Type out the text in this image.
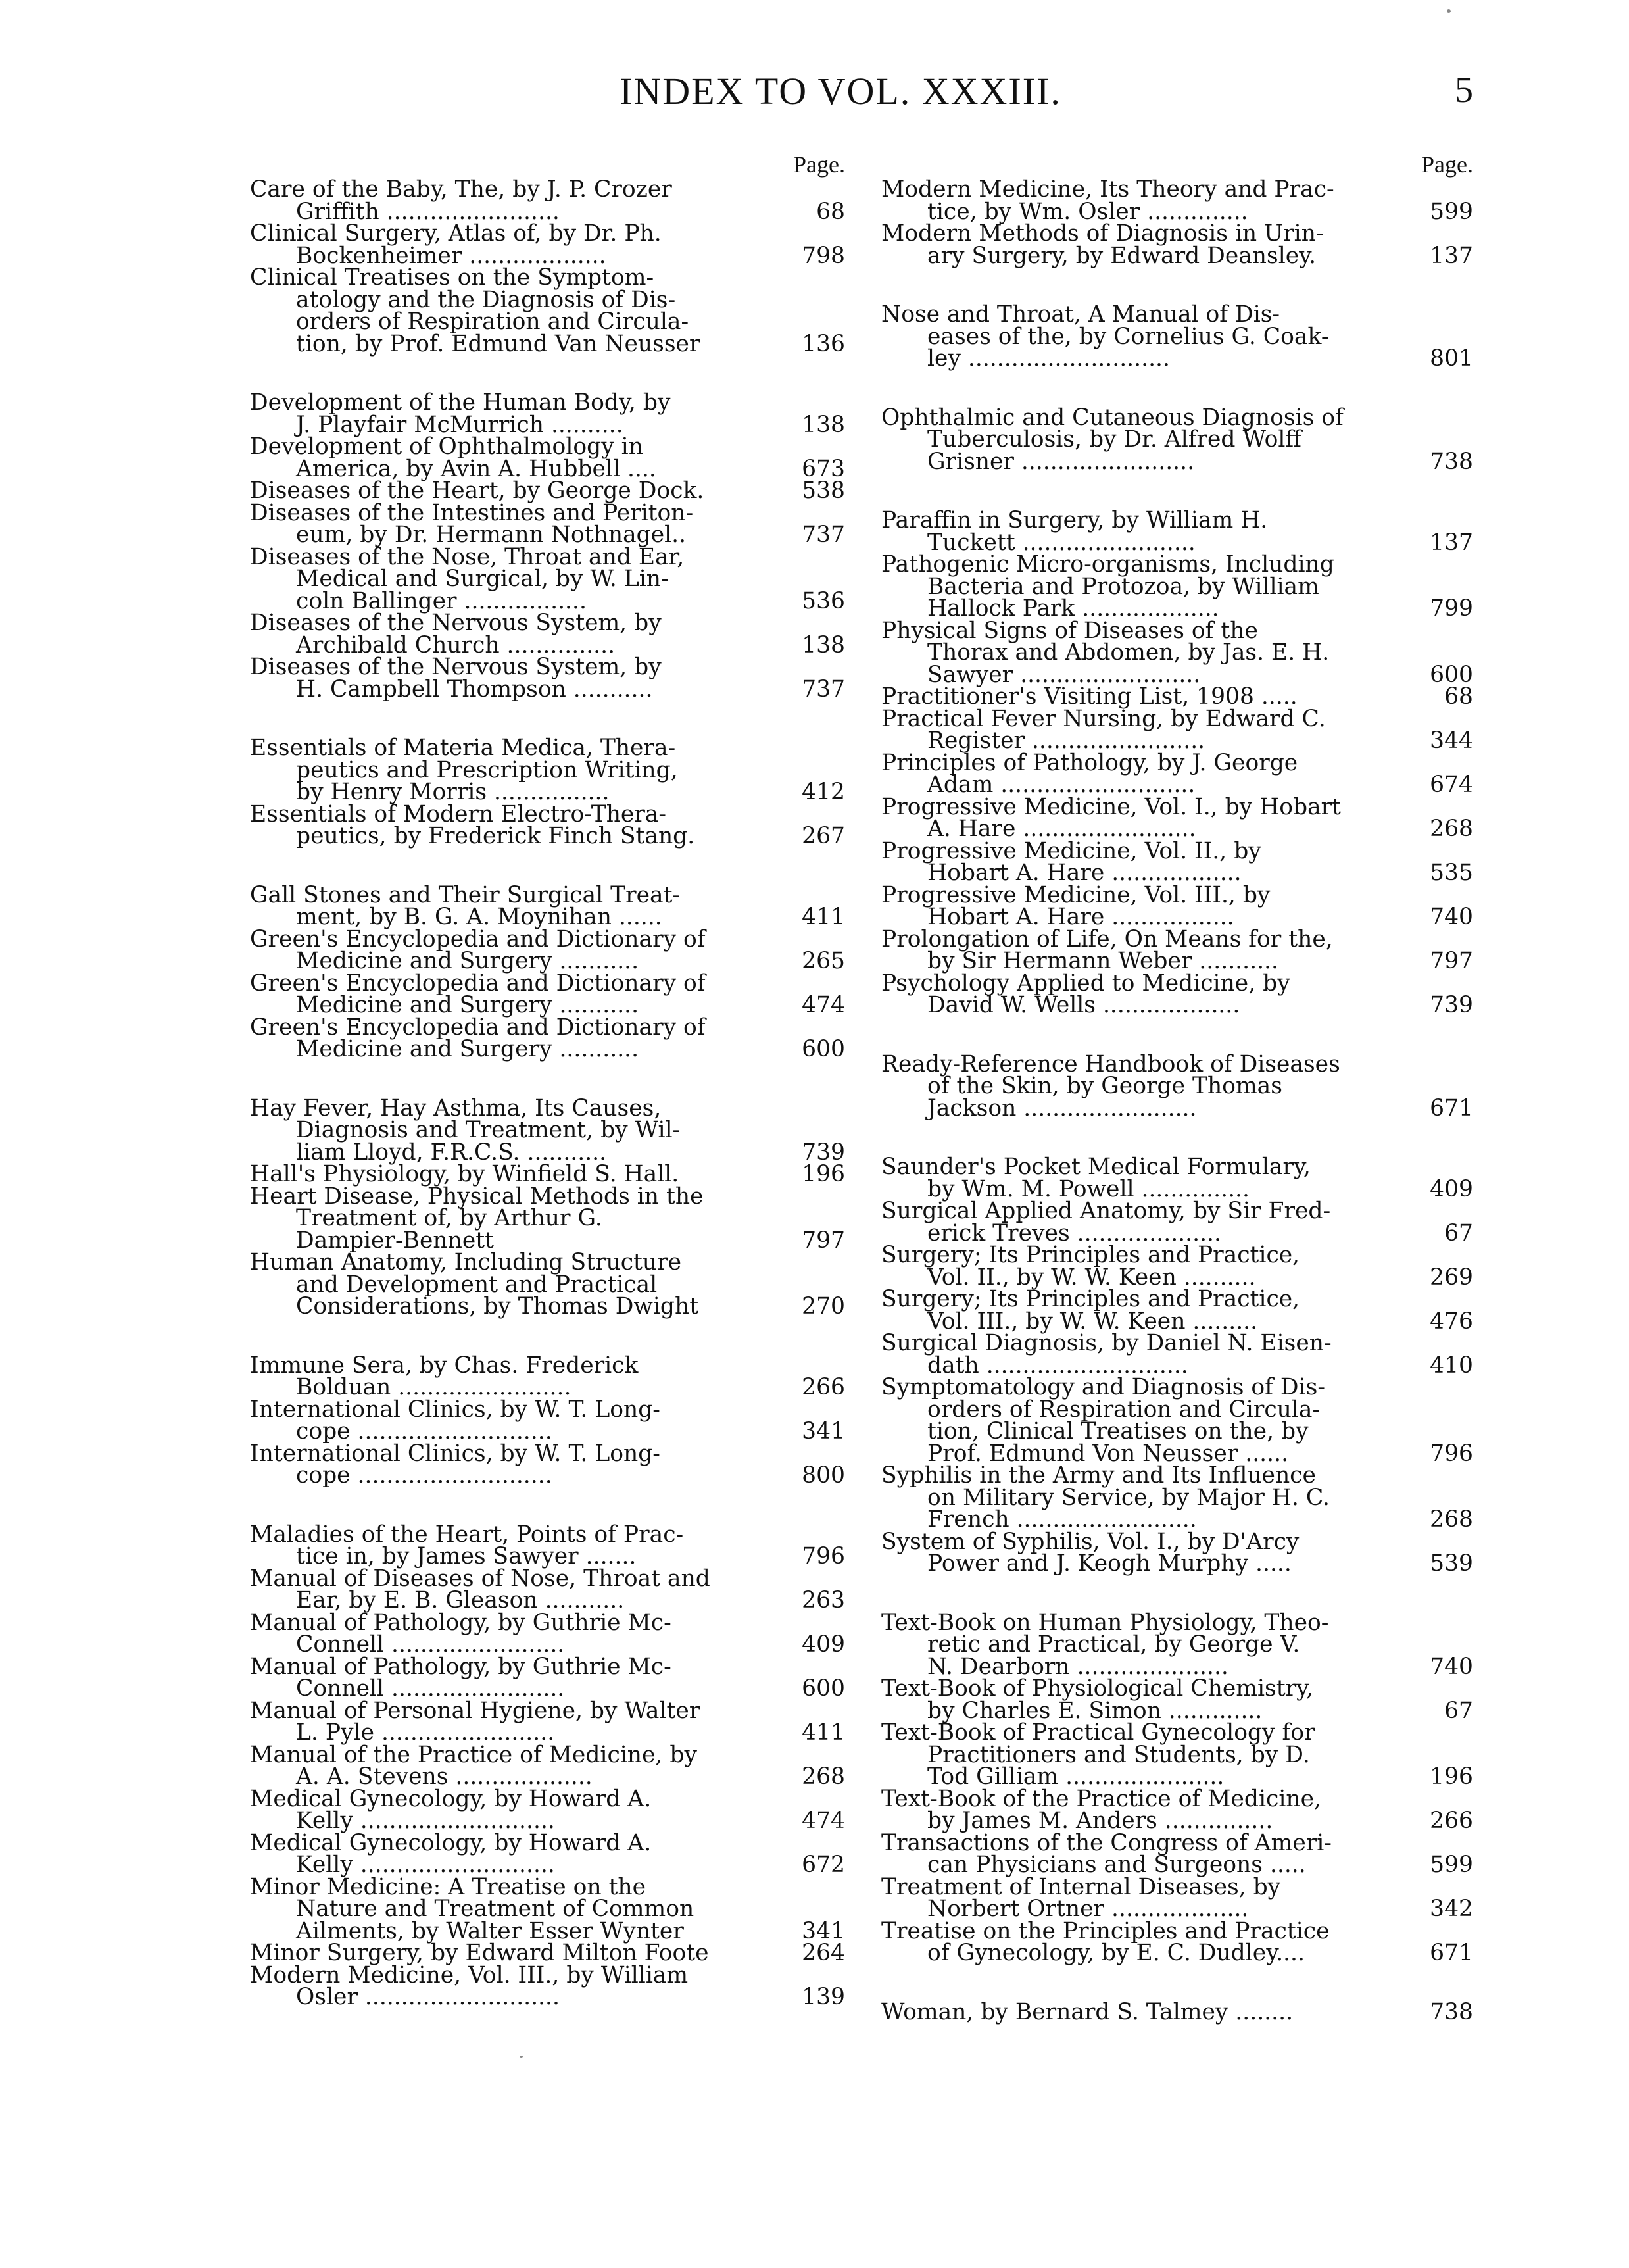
INDEX TO VOL. XXXIII.	5
Page.
Care of the Baby, The, by J. P. Crozer
Griffith ........................	68
Clinical Surgery, Atlas of, by Dr. Ph.
Bockenheimer ...................	798
Clinical Treatises on the Symptom-
atology and the Diagnosis of Dis-
orders of Respiration and Circula-
tion, by Prof. Edmund Van Neusser	136
Development of the Human Body, by
J. Playfair McMurrich ..........	138
Development of Ophthalmology in
America, by Avin A. Hubbell ....	673
Diseases of the Heart, by George Dock.	538
Diseases of the Intestines and Periton-
eum, by Dr. Hermann Nothnagel..	737
Diseases of the Nose, Throat and Ear,
Medical and Surgical, by W. Lin-
coln Ballinger .................	536
Diseases of the Nervous System, by
Archibald Church ...............	138
Diseases of the Nervous System, by
H. Campbell Thompson ...........	737
Essentials of Materia Medica, Thera-
peutics and Prescription Writing,
by Henry Morris ................	412
Essentials of Modern Electro-Thera-
peutics, by Frederick Finch Stang.	267
Gall Stones and Their Surgical Treat-
ment, by B. G. A. Moynihan ......	411
Green's Encyclopedia and Dictionary of
Medicine and Surgery ...........	265
Green's Encyclopedia and Dictionary of
Medicine and Surgery ...........	474
Green's Encyclopedia and Dictionary of
Medicine and Surgery ...........	600
Hay Fever, Hay Asthma, Its Causes,
Diagnosis and Treatment, by Wil-
liam Lloyd, F.R.C.S. ...........	739
Hall's Physiology, by Winfield S. Hall.	196
Heart Disease, Physical Methods in the
Treatment of, by Arthur G.
Dampier-Bennett	797
Human Anatomy, Including Structure
and Development and Practical
Considerations, by Thomas Dwight	270
Immune Sera, by Chas. Frederick
Bolduan ........................	266
International Clinics, by W. T. Long-
cope ...........................	341
International Clinics, by W. T. Long-
cope ...........................	800
Maladies of the Heart, Points of Prac-
tice in, by James Sawyer .......	796
Manual of Diseases of Nose, Throat and
Ear, by E. B. Gleason ...........	263
Manual of Pathology, by Guthrie Mc-
Connell ........................	409
Manual of Pathology, by Guthrie Mc-
Connell ........................	600
Manual of Personal Hygiene, by Walter
L. Pyle ........................	411
Manual of the Practice of Medicine, by
A. A. Stevens ...................	268
Medical Gynecology, by Howard A.
Kelly ...........................	474
Medical Gynecology, by Howard A.
Kelly ...........................	672
Minor Medicine: A Treatise on the
Nature and Treatment of Common
Ailments, by Walter Esser Wynter	341
Minor Surgery, by Edward Milton Foote	264
Modern Medicine, Vol. III., by William
Osler ...........................	139
Page.
Modern Medicine, Its Theory and Prac-
tice, by Wm. Osler ..............	599
Modern Methods of Diagnosis in Urin-
ary Surgery, by Edward Deansley.	137
Nose and Throat, A Manual of Dis-
eases of the, by Cornelius G. Coak-
ley ............................	801
Ophthalmic and Cutaneous Diagnosis of
Tuberculosis, by Dr. Alfred Wolff
Grisner ........................	738
Paraffin in Surgery, by William H.
Tuckett ........................	137
Pathogenic Micro-organisms, Including
Bacteria and Protozoa, by William
Hallock Park ...................	799
Physical Signs of Diseases of the
Thorax and Abdomen, by Jas. E. H.
Sawyer .........................	600
Practitioner's Visiting List, 1908 .....	68
Practical Fever Nursing, by Edward C.
Register ........................	344
Principles of Pathology, by J. George
Adam ...........................	674
Progressive Medicine, Vol. I., by Hobart
A. Hare ........................	268
Progressive Medicine, Vol. II., by
Hobart A. Hare ..................	535
Progressive Medicine, Vol. III., by
Hobart A. Hare .................	740
Prolongation of Life, On Means for the,
by Sir Hermann Weber ...........	797
Psychology Applied to Medicine, by
David W. Wells ...................	739
Ready-Reference Handbook of Diseases
of the Skin, by George Thomas
Jackson ........................	671
Saunder's Pocket Medical Formulary,
by Wm. M. Powell ...............	409
Surgical Applied Anatomy, by Sir Fred-
erick Treves ....................	67
Surgery; Its Principles and Practice,
Vol. II., by W. W. Keen ..........	269
Surgery; Its Principles and Practice,
Vol. III., by W. W. Keen .........	476
Surgical Diagnosis, by Daniel N. Eisen-
dath ............................	410
Symptomatology and Diagnosis of Dis-
orders of Respiration and Circula-
tion, Clinical Treatises on the, by
Prof. Edmund Von Neusser ......	796
Syphilis in the Army and Its Influence
on Military Service, by Major H. C.
French .........................	268
System of Syphilis, Vol. I., by D'Arcy
Power and J. Keogh Murphy .....	539
Text-Book on Human Physiology, Theo-
retic and Practical, by George V.
N. Dearborn .....................	740
Text-Book of Physiological Chemistry,
by Charles E. Simon .............	67
Text-Book of Practical Gynecology for
Practitioners and Students, by D.
Tod Gilliam ......................	196
Text-Book of the Practice of Medicine,
by James M. Anders ...............	266
Transactions of the Congress of Ameri-
can Physicians and Surgeons .....	599
Treatment of Internal Diseases, by
Norbert Ortner ...................	342
Treatise on the Principles and Practice
of Gynecology, by E. C. Dudley....	671
Woman, by Bernard S. Talmey ........	738
